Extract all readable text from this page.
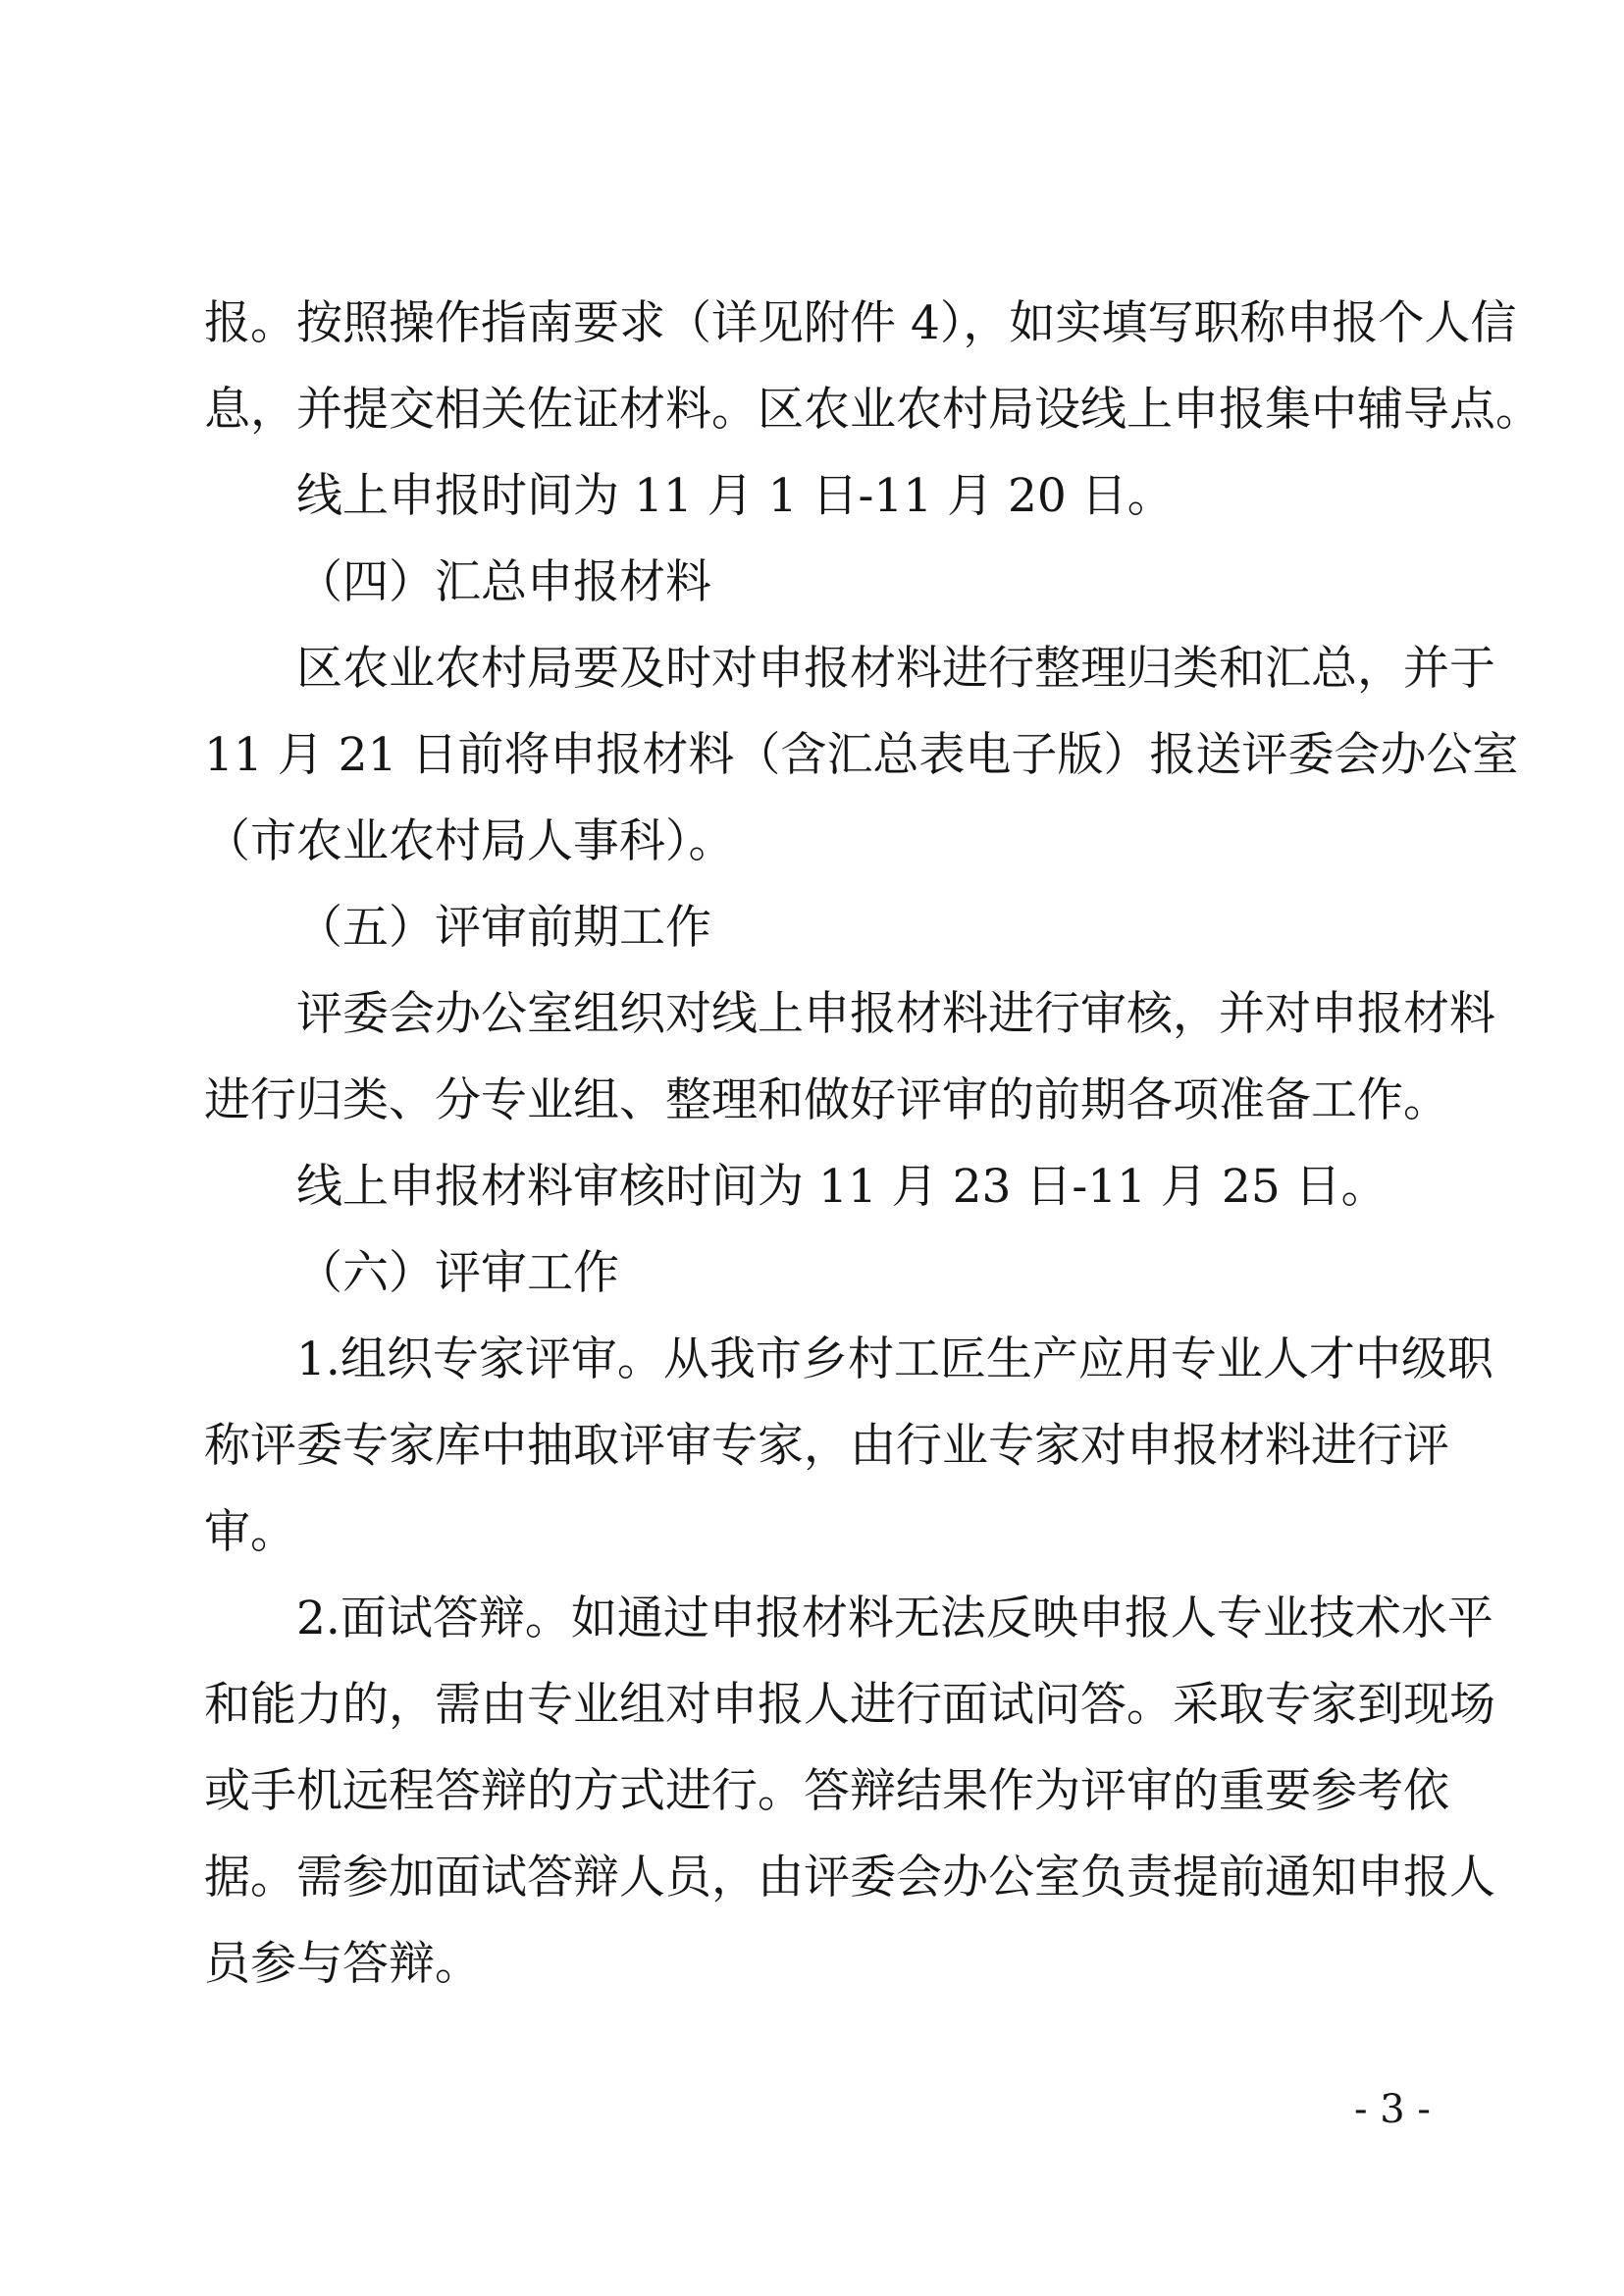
报。按照操作指南要求（详见附件 4），如实填写职称申报个人信
息，并提交相关佐证材料。区农业农村局设线上申报集中辅导点。
线上申报时间为 11 月 1 日-11 月 20 日。
（四）汇总申报材料
区农业农村局要及时对申报材料进行整理归类和汇总，并于
11 月 21 日前将申报材料（含汇总表电子版）报送评委会办公室
（市农业农村局人事科）。
（五）评审前期工作
评委会办公室组织对线上申报材料进行审核，并对申报材料
进行归类、分专业组、整理和做好评审的前期各项准备工作。
线上申报材料审核时间为 11 月 23 日-11 月 25 日。
（六）评审工作
1.组织专家评审。从我市乡村工匠生产应用专业人才中级职
称评委专家库中抽取评审专家，由行业专家对申报材料进行评
审。
2.面试答辩。如通过申报材料无法反映申报人专业技术水平
和能力的，需由专业组对申报人进行面试问答。采取专家到现场
或手机远程答辩的方式进行。答辩结果作为评审的重要参考依
据。需参加面试答辩人员，由评委会办公室负责提前通知申报人
员参与答辩。
- 3 -
